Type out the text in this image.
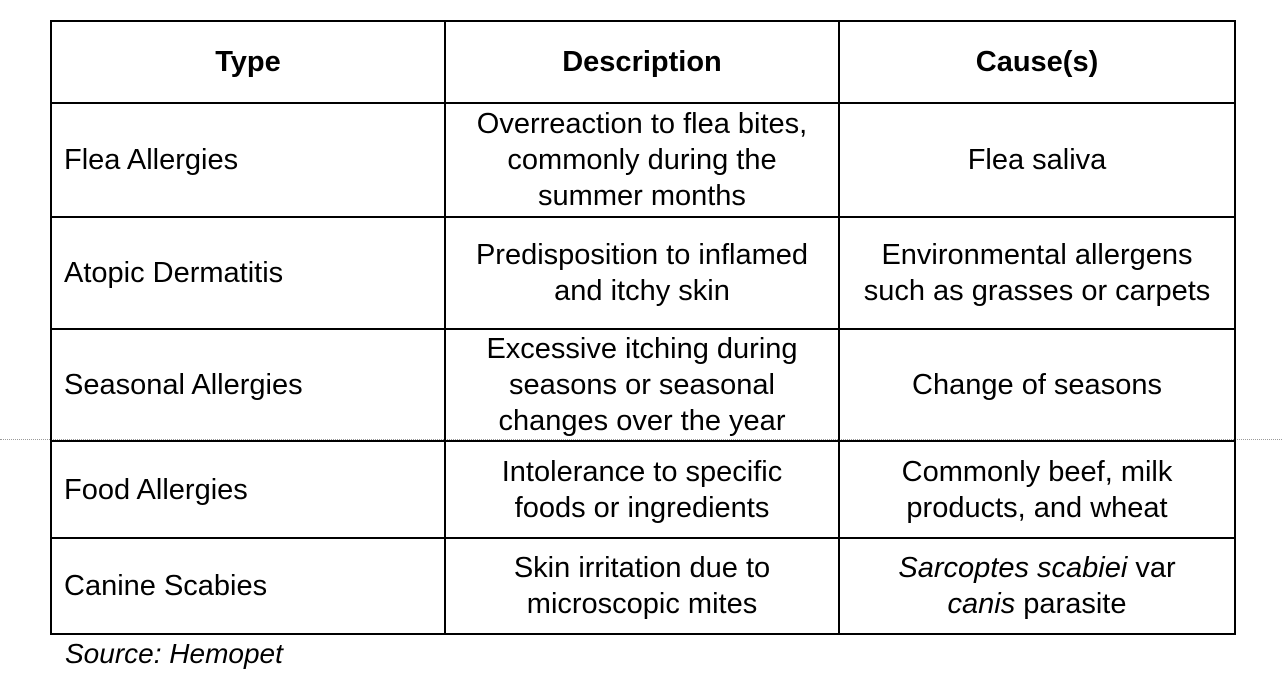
Type	Description	Cause(s)
Flea Allergies	Overreaction to flea bites, commonly during the summer months	Flea saliva
Atopic Dermatitis	Predisposition to inflamed and itchy skin	Environmental allergens such as grasses or carpets
Seasonal Allergies	Excessive itching during seasons or seasonal changes over the year	Change of seasons
Food Allergies	Intolerance to specific foods or ingredients	Commonly beef, milk products, and wheat
Canine Scabies	Skin irritation due to microscopic mites	Sarcoptes scabiei var canis parasite
Source: Hemopet
